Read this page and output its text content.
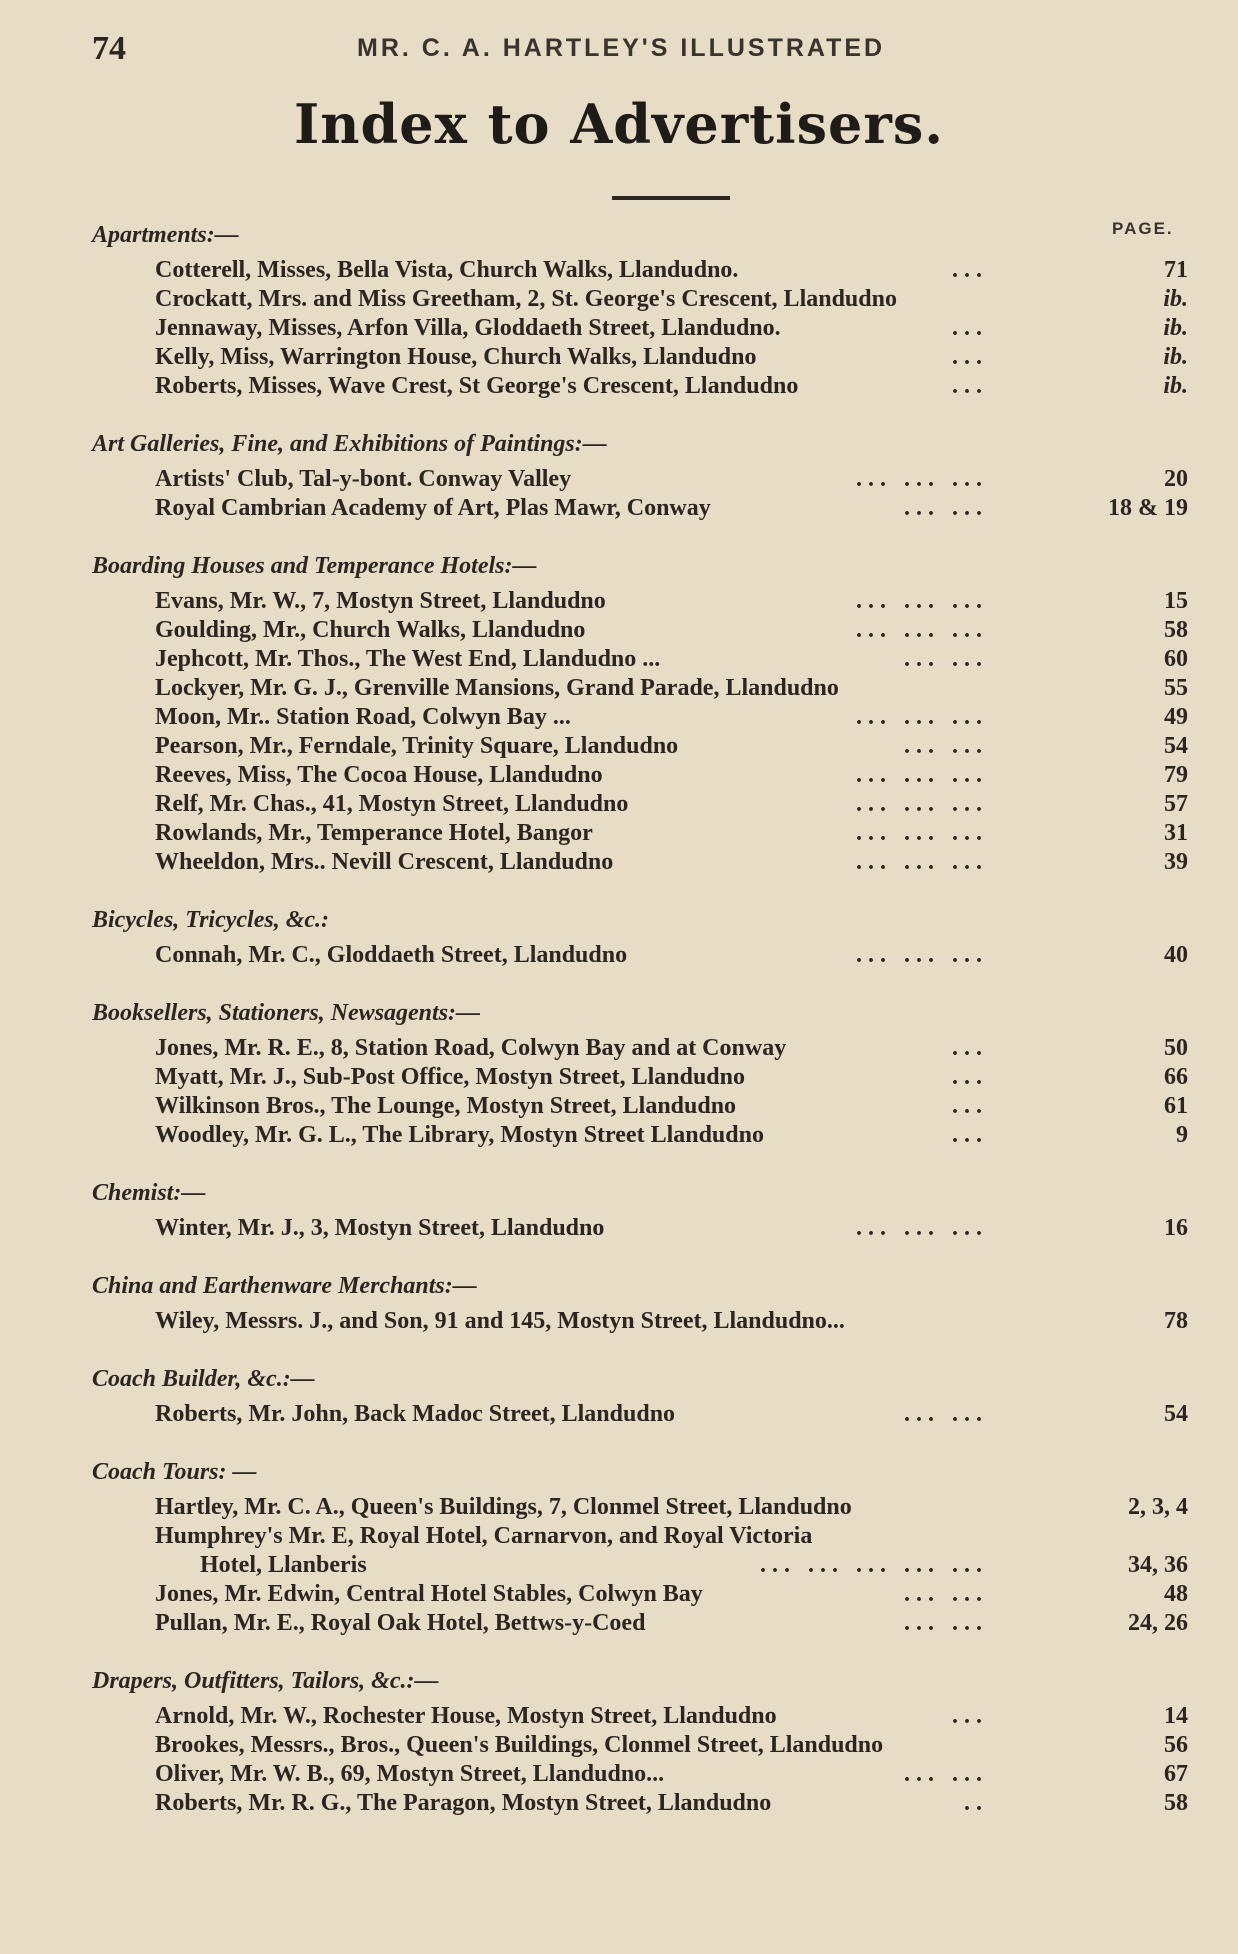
74	MR. C. A. HARTLEY'S ILLUSTRATED
Index to Advertisers.
PAGE.
Apartments:—
Cotterell, Misses, Bella Vista, Church Walks, Llandudno.	...	71
Crockatt, Mrs. and Miss Greetham, 2, St. George's Crescent, Llandudno	ib.
Jennaway, Misses, Arfon Villa, Gloddaeth Street, Llandudno.	...	ib.
Kelly, Miss, Warrington House, Church Walks, Llandudno	...	ib.
Roberts, Misses, Wave Crest, St George's Crescent, Llandudno	...	ib.
Art Galleries, Fine, and Exhibitions of Paintings:—
Artists' Club, Tal-y-bont. Conway Valley	... ... ...	20
Royal Cambrian Academy of Art, Plas Mawr, Conway	... ...	18 & 19
Boarding Houses and Temperance Hotels:—
Evans, Mr. W., 7, Mostyn Street, Llandudno	... ... ...	15
Goulding, Mr., Church Walks, Llandudno	... ... ...	58
Jephcott, Mr. Thos., The West End, Llandudno ...	... ...	60
Lockyer, Mr. G. J., Grenville Mansions, Grand Parade, Llandudno	55
Moon, Mr.. Station Road, Colwyn Bay ...	... ... ...	49
Pearson, Mr., Ferndale, Trinity Square, Llandudno	... ...	54
Reeves, Miss, The Cocoa House, Llandudno	... ... ...	79
Relf, Mr. Chas., 41, Mostyn Street, Llandudno	... ... ...	57
Rowlands, Mr., Temperance Hotel, Bangor	... ... ...	31
Wheeldon, Mrs.. Nevill Crescent, Llandudno	... ... ...	39
Bicycles, Tricycles, &c.:
Connah, Mr. C., Gloddaeth Street, Llandudno	... ... ...	40
Booksellers, Stationers, Newsagents:—
Jones, Mr. R. E., 8, Station Road, Colwyn Bay and at Conway	...	50
Myatt, Mr. J., Sub-Post Office, Mostyn Street, Llandudno	...	66
Wilkinson Bros., The Lounge, Mostyn Street, Llandudno	...	61
Woodley, Mr. G. L., The Library, Mostyn Street Llandudno	...	9
Chemist:—
Winter, Mr. J., 3, Mostyn Street, Llandudno	... ... ...	16
China and Earthenware Merchants:—
Wiley, Messrs. J., and Son, 91 and 145, Mostyn Street, Llandudno...	78
Coach Builder, &c.:—
Roberts, Mr. John, Back Madoc Street, Llandudno	... ...	54
Coach Tours: —
Hartley, Mr. C. A., Queen's Buildings, 7, Clonmel Street, Llandudno	2, 3, 4
Humphrey's Mr. E, Royal Hotel, Carnarvon, and Royal Victoria
Hotel, Llanberis	... ... ... ... ...	34, 36
Jones, Mr. Edwin, Central Hotel Stables, Colwyn Bay	... ...	48
Pullan, Mr. E., Royal Oak Hotel, Bettws-y-Coed	... ...	24, 26
Drapers, Outfitters, Tailors, &c.:—
Arnold, Mr. W., Rochester House, Mostyn Street, Llandudno	...	14
Brookes, Messrs., Bros., Queen's Buildings, Clonmel Street, Llandudno	56
Oliver, Mr. W. B., 69, Mostyn Street, Llandudno...	... ...	67
Roberts, Mr. R. G., The Paragon, Mostyn Street, Llandudno	..	58
